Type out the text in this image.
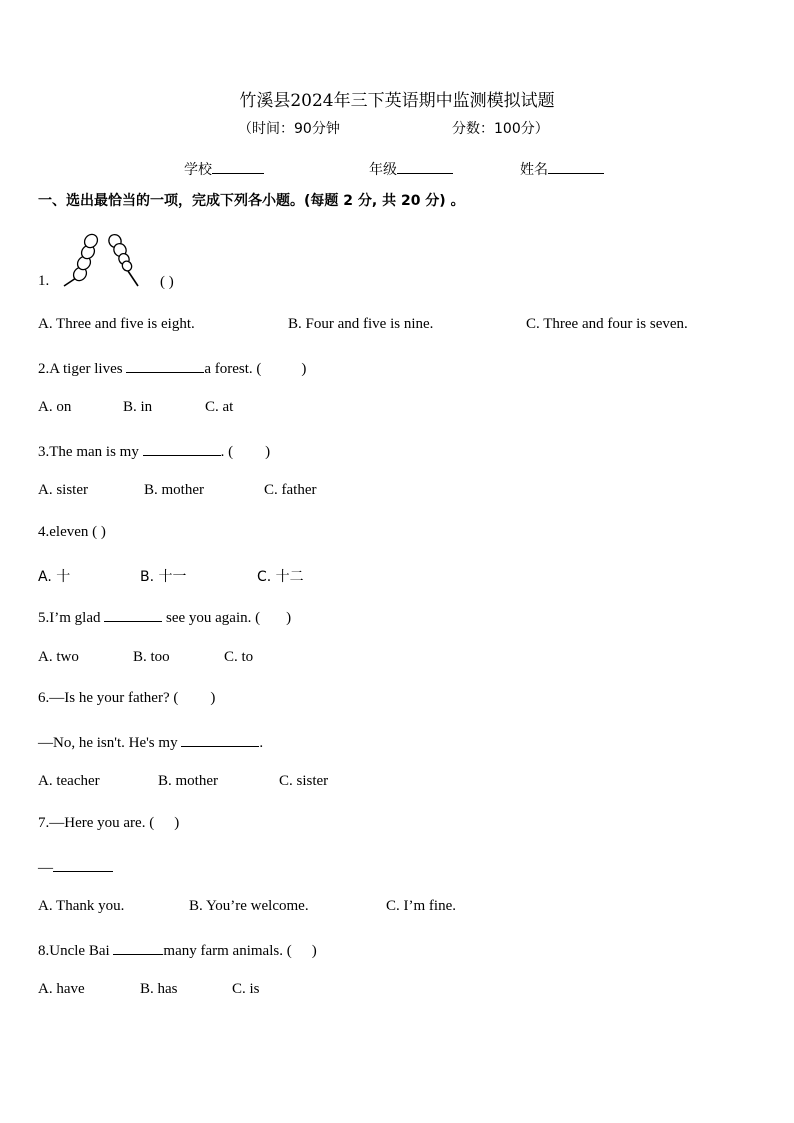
竹溪县2024年三下英语期中监测模拟试题
（时间：90分钟	分数：100分）
学校	年级	姓名
一、选出最恰当的一项，完成下列各小题。(每题 2 分, 共 20 分) 。
1.	( )
A. Three and five is eight.	B. Four and five is nine.	C. Three and four is seven.
2.A tiger lives	a forest. (	)
A. on	B. in	C. at
3.The man is my	. ( )
A. sister	B. mother	C. father
4.eleven ( )
A. 十	B. 十一	C. 十二
5.I’m glad	see you again. ( )
A. two	B. too	C. to
6.—Is he your father? ( )
—No, he isn't. He's my	.
A. teacher	B. mother	C. sister
7.—Here you are. ( )
—
A. Thank you.	B. You’re welcome.	C. I’m fine.
8.Uncle Bai	many farm animals. ( )
A. have	B. has	C. is
